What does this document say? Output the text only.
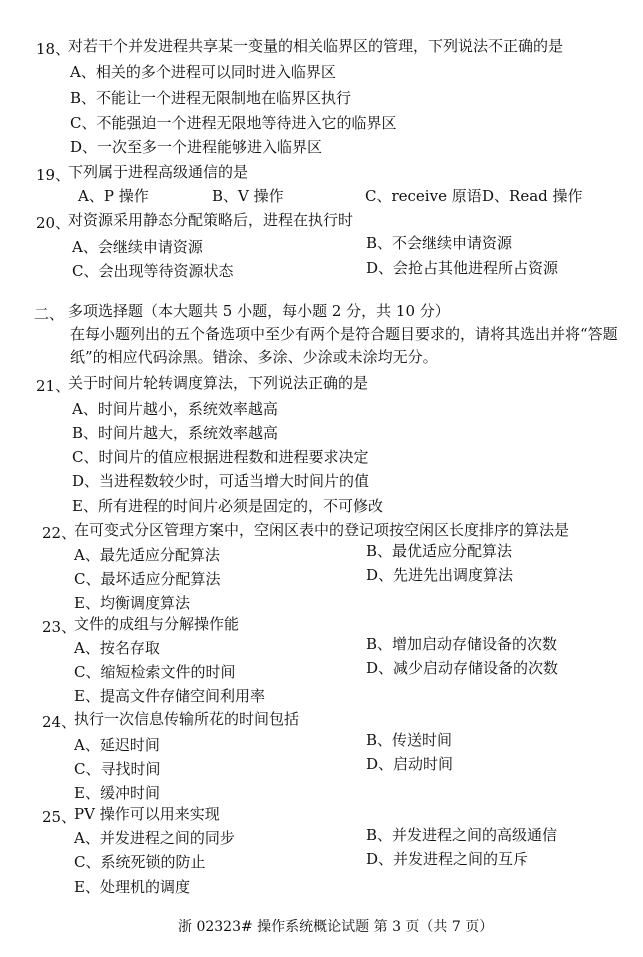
18、
对若干个并发进程共享某一变量的相关临界区的管理，下列说法不正确的是
A、相关的多个进程可以同时进入临界区
B、不能让一个进程无限制地在临界区执行
C、不能强迫一个进程无限地等待进入它的临界区
D、一次至多一个进程能够进入临界区
19、
下列属于进程高级通信的是
A、P 操作	B、V 操作	C、receive 原语 D、Read 操作
20、
对资源采用静态分配策略后，进程在执行时
A、会继续申请资源	B、不会继续申请资源
C、会出现等待资源状态	D、会抢占其他进程所占资源
二、 多项选择题（本大题共 5 小题，每小题 2 分，共 10 分）
在每小题列出的五个备选项中至少有两个是符合题目要求的，请将其选出并将“答题
纸”的相应代码涂黑。错涂、多涂、少涂或未涂均无分。
21、
关于时间片轮转调度算法，下列说法正确的是
A、时间片越小，系统效率越高
B、时间片越大，系统效率越高
C、时间片的值应根据进程数和进程要求决定
D、当进程数较少时，可适当增大时间片的值
E、所有进程的时间片必须是固定的，不可修改
22、
在可变式分区管理方案中，空闲区表中的登记项按空闲区长度排序的算法是
A、最先适应分配算法	B、最优适应分配算法
C、最坏适应分配算法	D、先进先出调度算法
E、均衡调度算法
23、
文件的成组与分解操作能
A、按名存取	B、增加启动存储设备的次数
C、缩短检索文件的时间	D、减少启动存储设备的次数
E、提高文件存储空间利用率
24、
执行一次信息传输所花的时间包括
A、延迟时间	B、传送时间
C、寻找时间	D、启动时间
E、缓冲时间
25、
PV 操作可以用来实现
A、并发进程之间的同步	B、并发进程之间的高级通信
C、系统死锁的防止	D、并发进程之间的互斥
E、处理机的调度
浙 02323# 操作系统概论试题 第 3 页（共 7 页）
